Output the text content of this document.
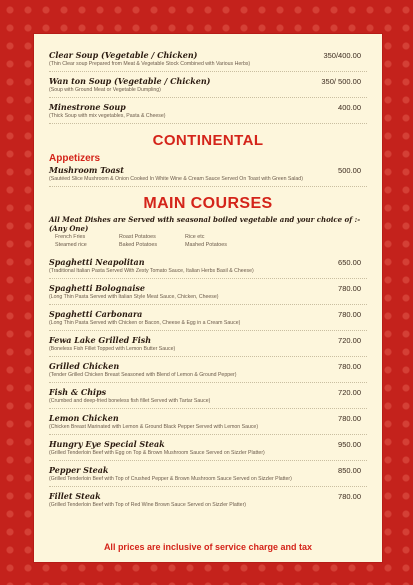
Clear Soup (Vegetable / Chicken)
(Thin Clear soup Prepared from Meat & Vegetable Stock Combined with Various Herbs)
350/400.00
Wan ton Soup (Vegetable / Chicken)
(Soup with Ground Meat or Vegetable Dumpling)
350/ 500.00
Minestrone Soup
(Thick Soup with mix vegetables, Pasta & Cheese)
400.00
CONTINENTAL
Appetizers
Mushroom Toast
(Sautéed Slice Mushroom & Onion Cooked In White Wine & Cream Sauce Served On Toast with Green Salad)
500.00
MAIN COURSES
All Meat Dishes are Served with seasonal boiled vegetable and your choice of :- (Any One)
French Fries	Roast Potatoes	Rice etc
Steamed rice	Baked Potatoes	Mashed Potatoes
Spaghetti Neapolitan
(Traditional Italian Pasta Served With Zesty Tomato Sauce, Italian Herbs Basil & Cheese)
650.00
Spaghetti Bolognaise
(Long Thin Pasta Served with Italian Style Meat Sauce, Chicken, Cheese)
780.00
Spaghetti Carbonara
(Long Thin Pasta Served with Chicken or Bacon, Cheese & Egg in a Cream Sauce)
780.00
Fewa Lake Grilled Fish
(Boneless Fish Fillet Topped with Lemon Butter Sauce)
720.00
Grilled Chicken
(Tender Grilled Chicken Breast Seasoned with Blend of Lemon & Ground Pepper)
780.00
Fish & Chips
(Crumbed and deep-fried boneless fish fillet Served with Tartar Sauce)
720.00
Lemon Chicken
(Chicken Breast Marinated with Lemon & Ground Black Pepper Served with Lemon Sauce)
780.00
Hungry Eye Special Steak
(Grilled Tenderloin Beef with Egg on Top & Brown Mushroom Sauce Served on Sizzler Platter)
950.00
Pepper Steak
(Grilled Tenderloin Beef with Top of Crushed Pepper & Brown Mushroom Sauce Served on Sizzler Platter)
850.00
Fillet Steak
(Grilled Tenderloin Beef with Top of Red Wine Brown Sauce Served on Sizzler Platter)
780.00
All prices are inclusive of service charge and tax
